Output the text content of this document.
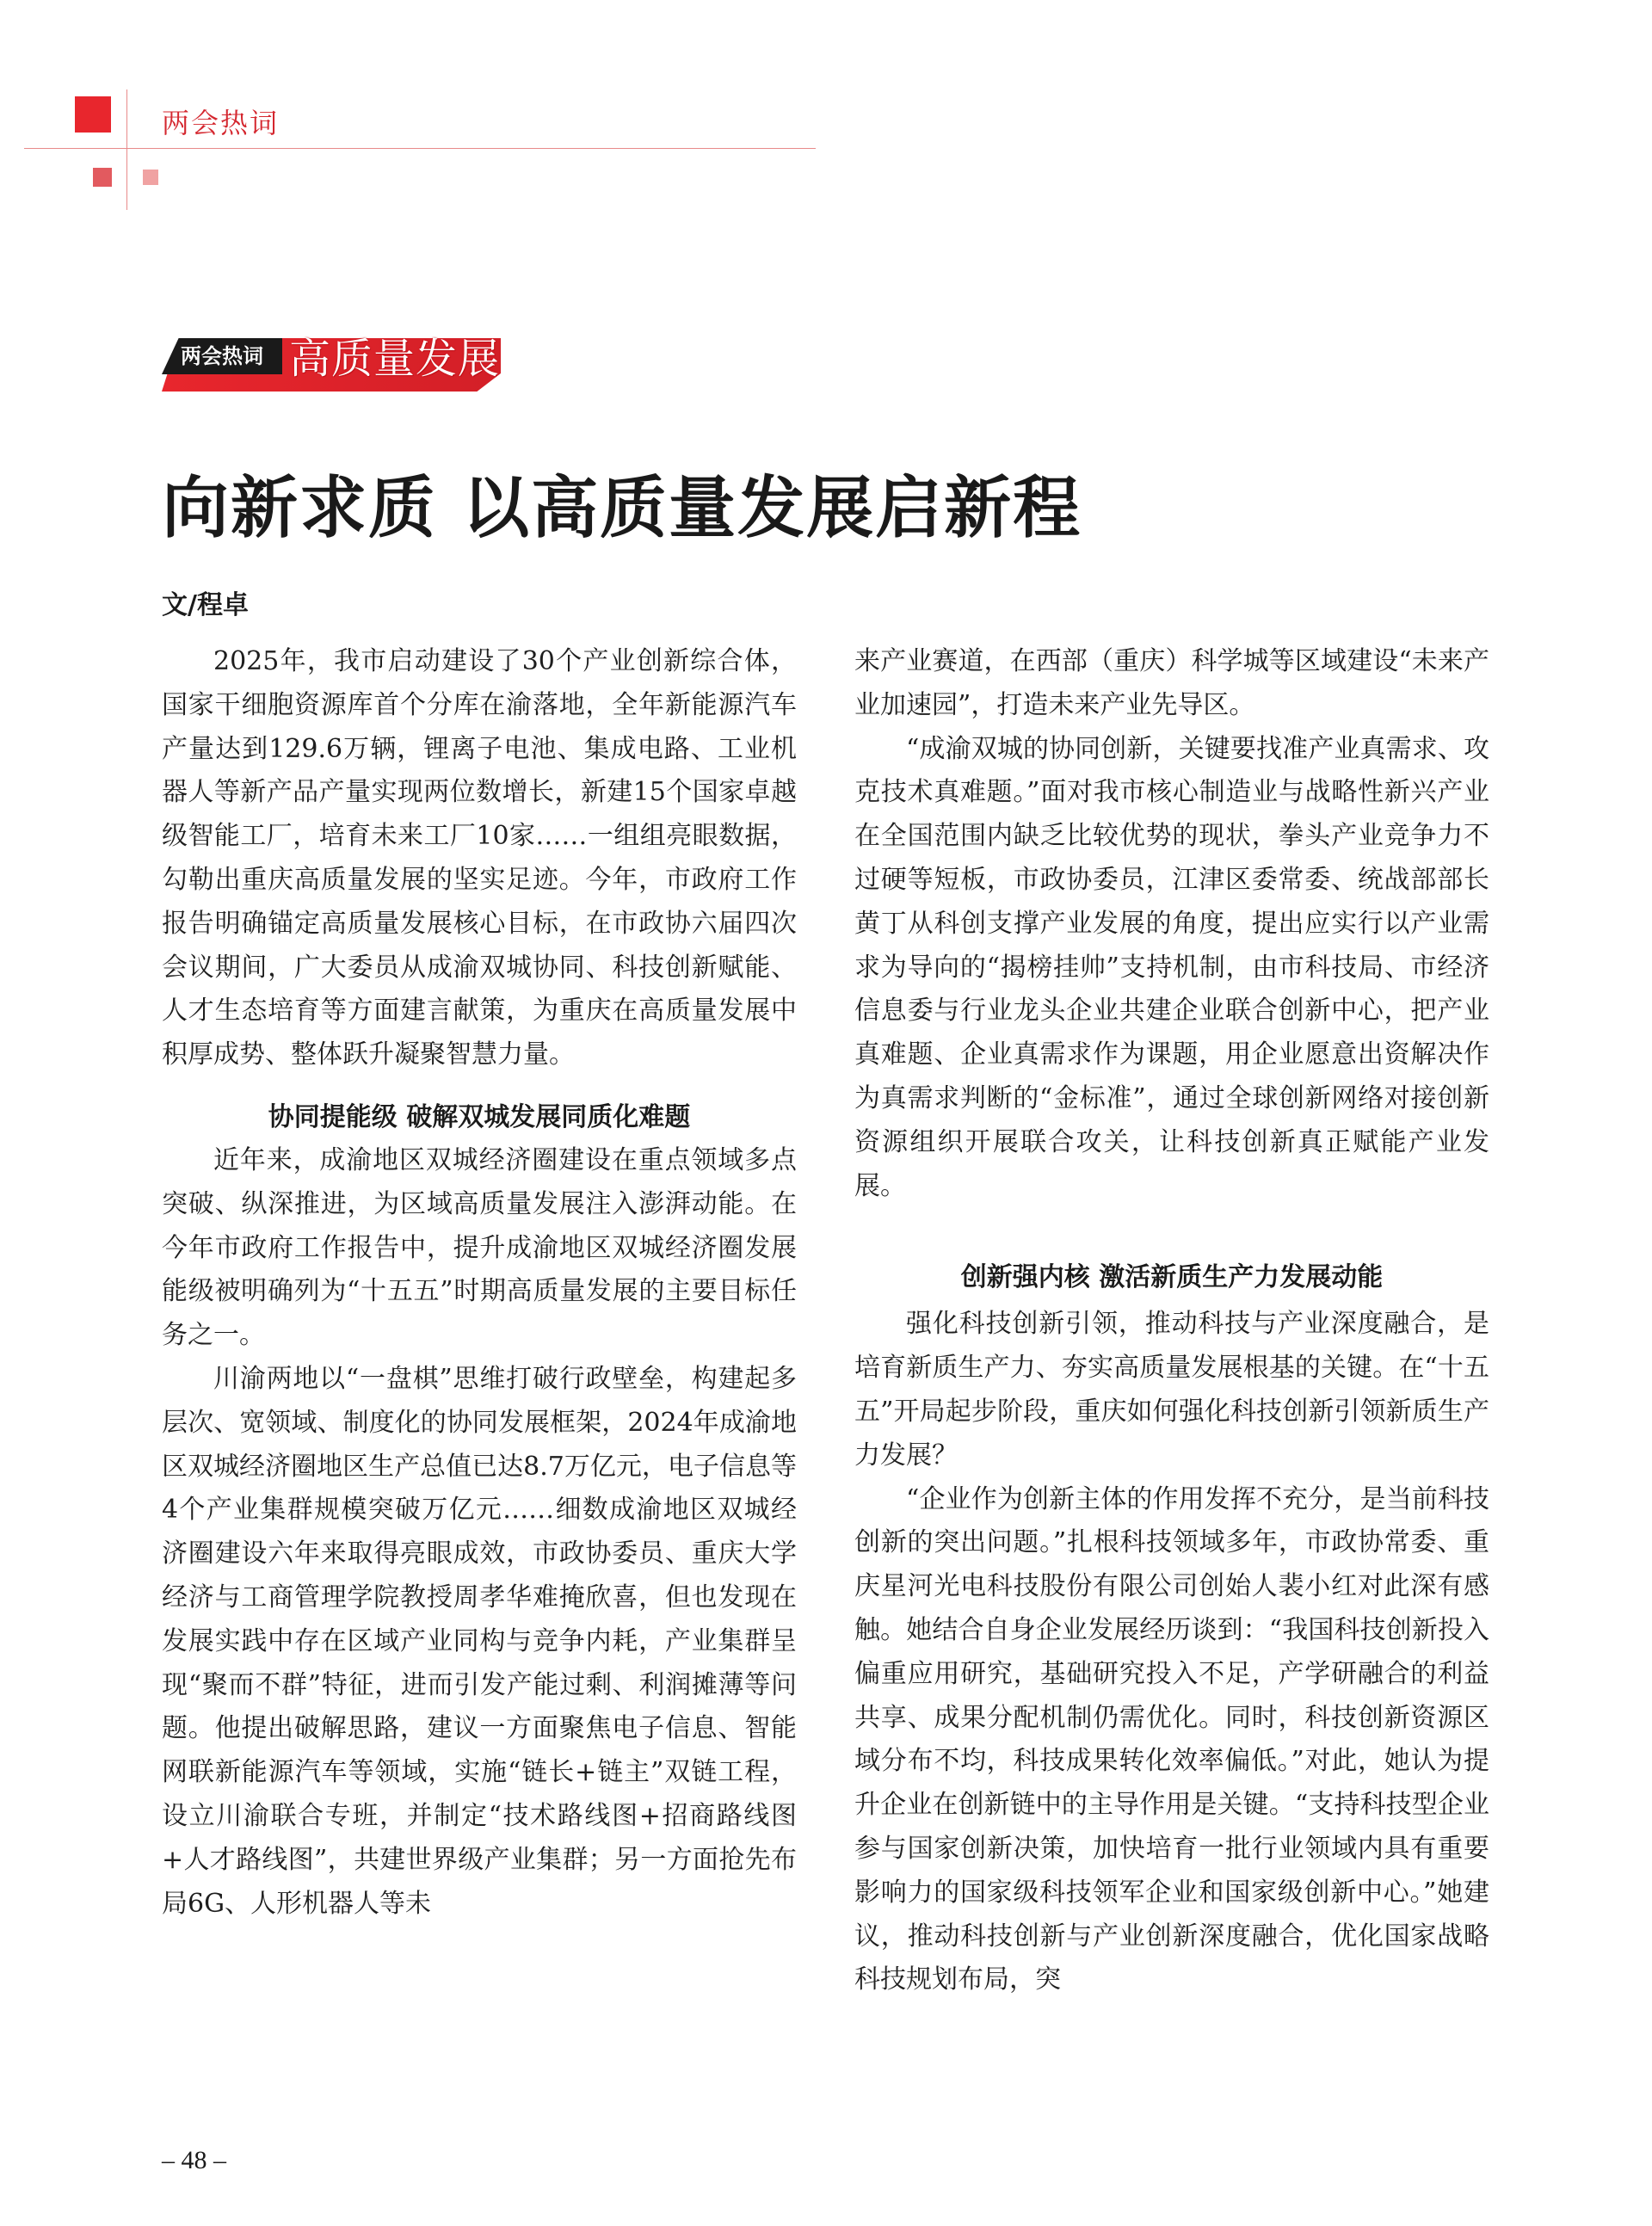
两会热词
两会热词 高质量发展
向新求质 以高质量发展启新程
文/程卓

2025年，我市启动建设了30个产业创新综合体，国家干细胞资源库首个分库在渝落地，全年新能源汽车产量达到129.6万辆，锂离子电池、集成电路、工业机器人等新产品产量实现两位数增长，新建15个国家卓越级智能工厂，培育未来工厂10家……一组组亮眼数据，勾勒出重庆高质量发展的坚实足迹。今年，市政府工作报告明确锚定高质量发展核心目标，在市政协六届四次会议期间，广大委员从成渝双城协同、科技创新赋能、人才生态培育等方面建言献策，为重庆在高质量发展中积厚成势、整体跃升凝聚智慧力量。

协同提能级 破解双城发展同质化难题

近年来，成渝地区双城经济圈建设在重点领域多点突破、纵深推进，为区域高质量发展注入澎湃动能。在今年市政府工作报告中，提升成渝地区双城经济圈发展能级被明确列为“十五五”时期高质量发展的主要目标任务之一。

川渝两地以“一盘棋”思维打破行政壁垒，构建起多层次、宽领域、制度化的协同发展框架，2024年成渝地区双城经济圈地区生产总值已达8.7万亿元，电子信息等4个产业集群规模突破万亿元……细数成渝地区双城经济圈建设六年来取得亮眼成效，市政协委员、重庆大学经济与工商管理学院教授周孝华难掩欣喜，但也发现在发展实践中存在区域产业同构与竞争内耗，产业集群呈现“聚而不群”特征，进而引发产能过剩、利润摊薄等问题。他提出破解思路，建议一方面聚焦电子信息、智能网联新能源汽车等领域，实施“链长+链主”双链工程，设立川渝联合专班，并制定“技术路线图+招商路线图+人才路线图”，共建世界级产业集群；另一方面抢先布局6G、人形机器人等未

来产业赛道，在西部（重庆）科学城等区域建设“未来产业加速园”，打造未来产业先导区。

“成渝双城的协同创新，关键要找准产业真需求、攻克技术真难题。”面对我市核心制造业与战略性新兴产业在全国范围内缺乏比较优势的现状，拳头产业竞争力不过硬等短板，市政协委员，江津区委常委、统战部部长黄丁从科创支撑产业发展的角度，提出应实行以产业需求为导向的“揭榜挂帅”支持机制，由市科技局、市经济信息委与行业龙头企业共建企业联合创新中心，把产业真难题、企业真需求作为课题，用企业愿意出资解决作为真需求判断的“金标准”，通过全球创新网络对接创新资源组织开展联合攻关，让科技创新真正赋能产业发展。

创新强内核 激活新质生产力发展动能

强化科技创新引领，推动科技与产业深度融合，是培育新质生产力、夯实高质量发展根基的关键。在“十五五”开局起步阶段，重庆如何强化科技创新引领新质生产力发展？

“企业作为创新主体的作用发挥不充分，是当前科技创新的突出问题。”扎根科技领域多年，市政协常委、重庆星河光电科技股份有限公司创始人裴小红对此深有感触。她结合自身企业发展经历谈到：“我国科技创新投入偏重应用研究，基础研究投入不足，产学研融合的利益共享、成果分配机制仍需优化。同时，科技创新资源区域分布不均，科技成果转化效率偏低。”对此，她认为提升企业在创新链中的主导作用是关键。“支持科技型企业参与国家创新决策，加快培育一批行业领域内具有重要影响力的国家级科技领军企业和国家级创新中心。”她建议，推动科技创新与产业创新深度融合，优化国家战略科技规划布局，突

– 48 –
